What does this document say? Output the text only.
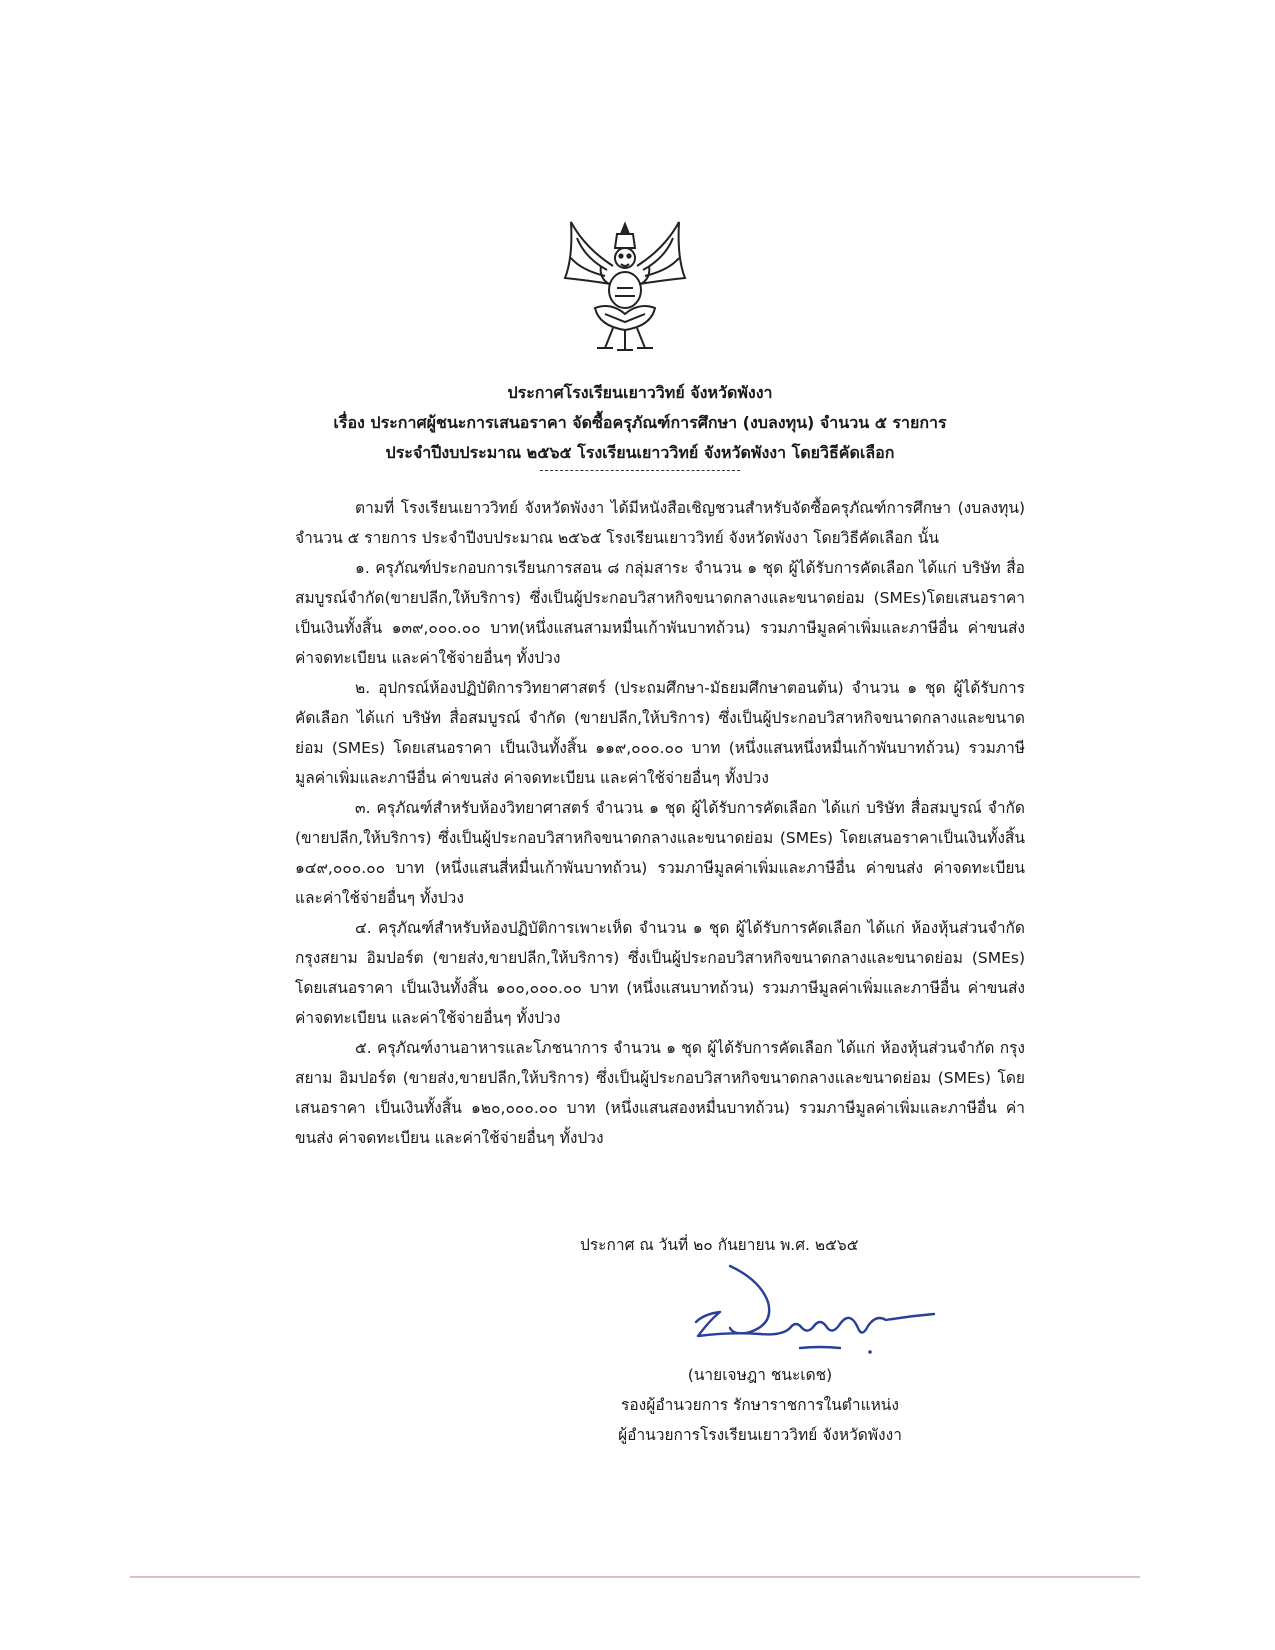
ประกาศโรงเรียนเยาววิทย์ จังหวัดพังงา
เรื่อง ประกาศผู้ชนะการเสนอราคา จัดซื้อครุภัณฑ์การศึกษา (งบลงทุน) จำนวน ๕ รายการ
ประจำปีงบประมาณ ๒๕๖๕ โรงเรียนเยาววิทย์ จังหวัดพังงา โดยวิธีคัดเลือก

ตามที่ โรงเรียนเยาววิทย์ จังหวัดพังงา ได้มีหนังสือเชิญชวนสำหรับจัดซื้อครุภัณฑ์การศึกษา (งบลงทุน) จำนวน ๕ รายการ ประจำปีงบประมาณ ๒๕๖๕ โรงเรียนเยาววิทย์ จังหวัดพังงา โดยวิธีคัดเลือก นั้น

๑. ครุภัณฑ์ประกอบการเรียนการสอน ๘ กลุ่มสาระ จำนวน ๑ ชุด ผู้ได้รับการคัดเลือก ได้แก่ บริษัท สื่อสมบูรณ์จำกัด(ขายปลีก,ให้บริการ) ซึ่งเป็นผู้ประกอบวิสาหกิจขนาดกลางและขนาดย่อม (SMEs)โดยเสนอราคาเป็นเงินทั้งสิ้น ๑๓๙,๐๐๐.๐๐ บาท(หนึ่งแสนสามหมื่นเก้าพันบาทถ้วน) รวมภาษีมูลค่าเพิ่มและภาษีอื่น ค่าขนส่ง ค่าจดทะเบียน และค่าใช้จ่ายอื่นๆ ทั้งปวง

๒. อุปกรณ์ห้องปฏิบัติการวิทยาศาสตร์ (ประถมศึกษา-มัธยมศึกษาตอนต้น) จำนวน ๑ ชุด ผู้ได้รับการคัดเลือก ได้แก่ บริษัท สื่อสมบูรณ์ จำกัด (ขายปลีก,ให้บริการ) ซึ่งเป็นผู้ประกอบวิสาหกิจขนาดกลางและขนาดย่อม (SMEs) โดยเสนอราคา เป็นเงินทั้งสิ้น ๑๑๙,๐๐๐.๐๐ บาท (หนึ่งแสนหนึ่งหมื่นเก้าพันบาทถ้วน) รวมภาษีมูลค่าเพิ่มและภาษีอื่น ค่าขนส่ง ค่าจดทะเบียน และค่าใช้จ่ายอื่นๆ ทั้งปวง

๓. ครุภัณฑ์สำหรับห้องวิทยาศาสตร์ จำนวน ๑ ชุด ผู้ได้รับการคัดเลือก ได้แก่ บริษัท สื่อสมบูรณ์ จำกัด (ขายปลีก,ให้บริการ) ซึ่งเป็นผู้ประกอบวิสาหกิจขนาดกลางและขนาดย่อม (SMEs) โดยเสนอราคาเป็นเงินทั้งสิ้น ๑๔๙,๐๐๐.๐๐ บาท (หนึ่งแสนสี่หมื่นเก้าพันบาทถ้วน) รวมภาษีมูลค่าเพิ่มและภาษีอื่น ค่าขนส่ง ค่าจดทะเบียน และค่าใช้จ่ายอื่นๆ ทั้งปวง

๔. ครุภัณฑ์สำหรับห้องปฏิบัติการเพาะเห็ด จำนวน ๑ ชุด ผู้ได้รับการคัดเลือก ได้แก่ ห้องหุ้นส่วนจำกัด กรุงสยาม อิมปอร์ต (ขายส่ง,ขายปลีก,ให้บริการ) ซึ่งเป็นผู้ประกอบวิสาหกิจขนาดกลางและขนาดย่อม (SMEs) โดยเสนอราคา เป็นเงินทั้งสิ้น ๑๐๐,๐๐๐.๐๐ บาท (หนึ่งแสนบาทถ้วน) รวมภาษีมูลค่าเพิ่มและภาษีอื่น ค่าขนส่ง ค่าจดทะเบียน และค่าใช้จ่ายอื่นๆ ทั้งปวง

๕. ครุภัณฑ์งานอาหารและโภชนาการ จำนวน ๑ ชุด ผู้ได้รับการคัดเลือก ได้แก่ ห้องหุ้นส่วนจำกัด กรุงสยาม อิมปอร์ต (ขายส่ง,ขายปลีก,ให้บริการ) ซึ่งเป็นผู้ประกอบวิสาหกิจขนาดกลางและขนาดย่อม (SMEs) โดยเสนอราคา เป็นเงินทั้งสิ้น ๑๒๐,๐๐๐.๐๐ บาท (หนึ่งแสนสองหมื่นบาทถ้วน) รวมภาษีมูลค่าเพิ่มและภาษีอื่น ค่าขนส่ง ค่าจดทะเบียน และค่าใช้จ่ายอื่นๆ ทั้งปวง

ประกาศ ณ วันที่ ๒๐ กันยายน พ.ศ. ๒๕๖๕
(นายเจษฎา ชนะเดช)
รองผู้อำนวยการ รักษาราชการในตำแหน่ง
ผู้อำนวยการโรงเรียนเยาววิทย์ จังหวัดพังงา
